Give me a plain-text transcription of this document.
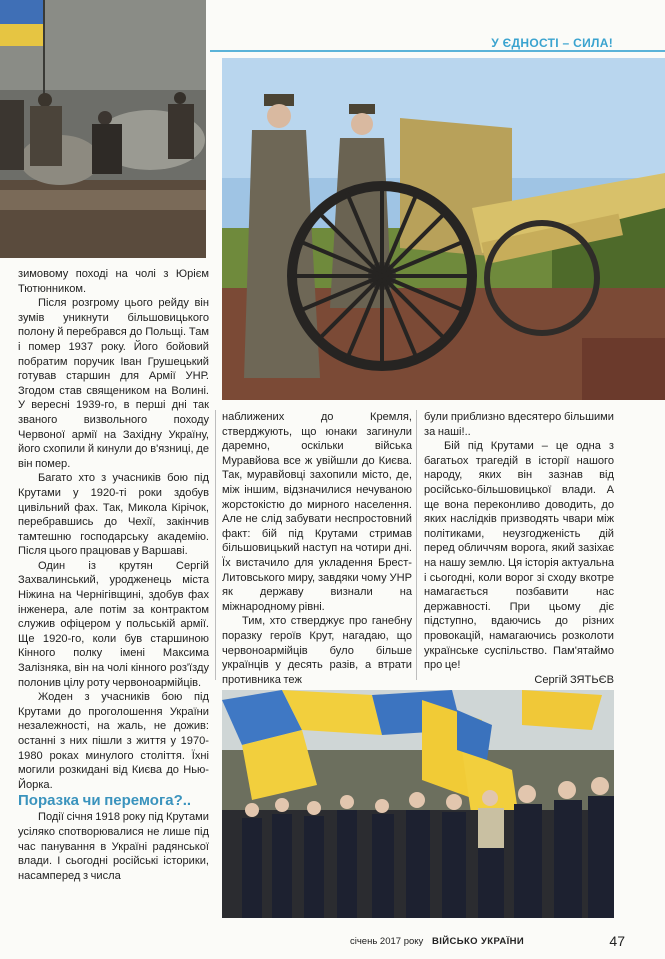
У ЄДНОСТІ – СИЛА!

зимовому поході на чолі з Юрієм Тютюнником.

Після розгрому цього рейду він зумів уникнути більшовицького полону й перебрався до Польщі. Там і помер 1937 року. Його бойовий побратим поручик Іван Грушецький готував старшин для Армії УНР. Згодом став священиком на Волині. У вересні 1939-го, в перші дні так званого визвольного походу Червоної армії на Західну Україну, його схопили й кинули до в'язниці, де він помер.

Багато хто з учасників бою під Крутами у 1920-ті роки здобув цивільний фах. Так, Микола Кірічок, перебравшись до Чехії, закінчив тамтешню господарську академію. Після цього працював у Варшаві.

Один із крутян Сергій Захвалинський, уродженець міста Ніжина на Чернігівщині, здобув фах інженера, але потім за контрактом служив офіцером у польській армії. Ще 1920-го, коли був старшиною Кінного полку імені Максима Залізняка, він на чолі кінного роз'їзду полонив цілу роту червоноармійців.

Жоден з учасників бою під Крутами до проголошення України незалежності, на жаль, не дожив: останні з них пішли з життя у 1970-1980 роках минулого століття. Їхні могили розкидані від Києва до Нью-Йорка.

Поразка чи перемога?..

Події січня 1918 року під Крутами усіляко спотворювалися не лише під час панування в Україні радянської влади. І сьогодні російські історики, насамперед з числа

наближених до Кремля, стверджують, що юнаки загинули даремно, оскільки війська Муравйова все ж увійшли до Києва. Так, муравйовці захопили місто, де, між іншим, відзначилися нечуваною жорстокістю до мирного населення. Але не слід забувати неспростовний факт: бій під Крутами стримав більшовицький наступ на чотири дні. Їх вистачило для укладення Брест-Литовського миру, завдяки чому УНР як державу визнали на міжнародному рівні.

Тим, хто стверджує про ганебну поразку героїв Крут, нагадаю, що червоноармійців було більше українців у десять разів, а втрати противника теж

були приблизно вдесятеро більшими за наші!..

Бій під Крутами – це одна з багатьох трагедій в історії нашого народу, яких він зазнав від російсько-більшовицької влади. А ще вона переконливо доводить, до яких наслідків призводять чвари між політиками, неузгодженість дій перед обличчям ворога, який зазіхає на нашу землю. Ця історія актуальна і сьогодні, коли ворог зі сходу вкотре намагається позбавити нас державності. При цьому діє підступно, вдаючись до різних провокацій, намагаючись розколоти українське суспільство. Пам'ятаймо про це!

Сергій ЗЯТЬЄВ

січень 2017 року ВІЙСЬКО УКРАЇНИ	47
